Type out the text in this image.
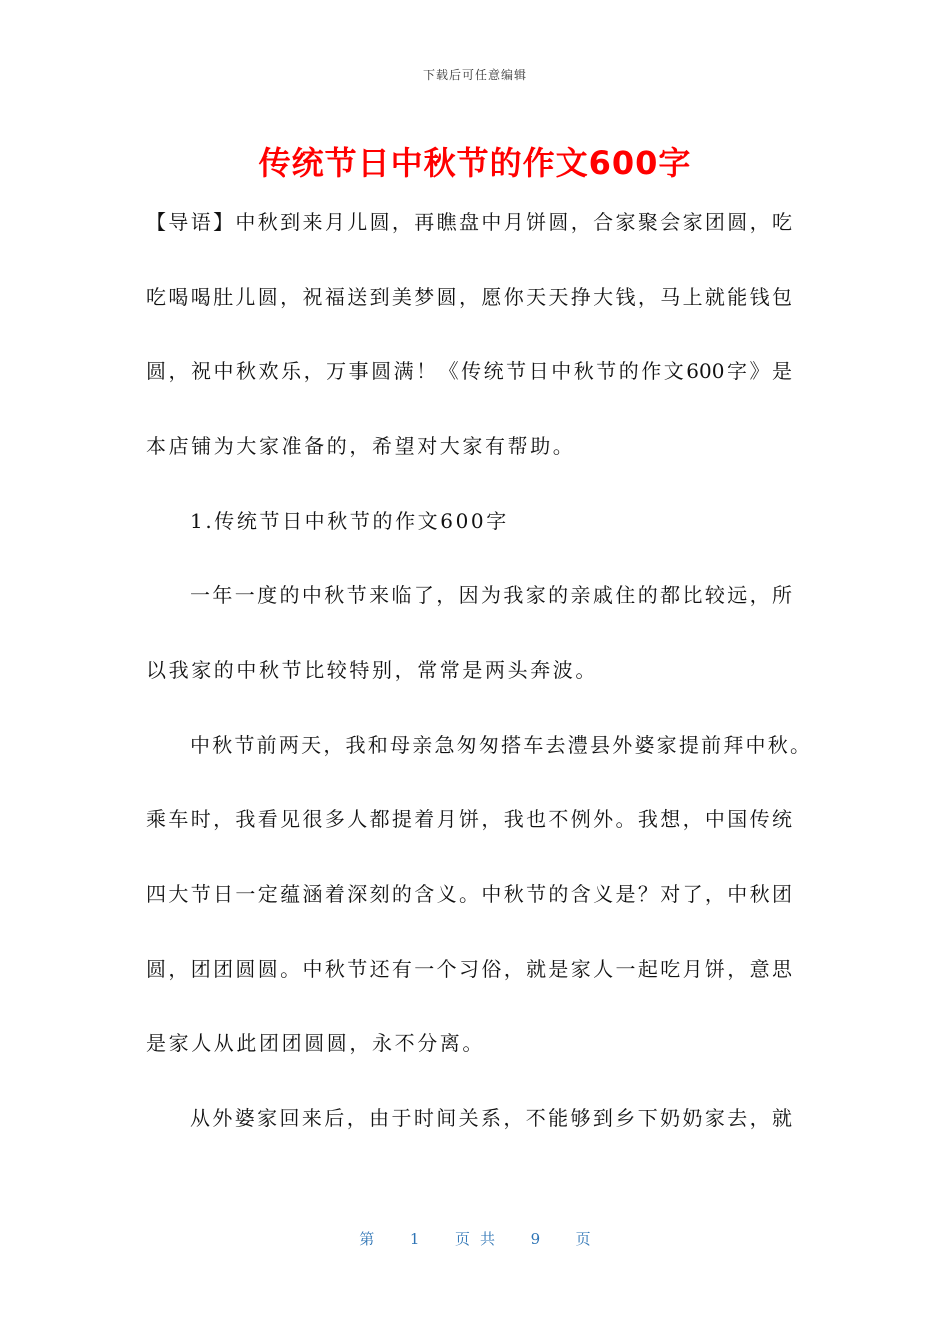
下载后可任意编辑
传统节日中秋节的作文600字
【导语】中秋到来月儿圆，再瞧盘中月饼圆，合家聚会家团圆，吃
吃喝喝肚儿圆，祝福送到美梦圆，愿你天天挣大钱，马上就能钱包
圆，祝中秋欢乐，万事圆满！《传统节日中秋节的作文600字》是
本店铺为大家准备的，希望对大家有帮助。
1.传统节日中秋节的作文600字
一年一度的中秋节来临了，因为我家的亲戚住的都比较远，所
以我家的中秋节比较特别，常常是两头奔波。
中秋节前两天，我和母亲急匆匆搭车去澧县外婆家提前拜中秋。
乘车时，我看见很多人都提着月饼，我也不例外。我想，中国传统
四大节日一定蕴涵着深刻的含义。中秋节的含义是？对了，中秋团
圆，团团圆圆。中秋节还有一个习俗，就是家人一起吃月饼，意思
是家人从此团团圆圆，永不分离。
从外婆家回来后，由于时间关系，不能够到乡下奶奶家去，就
第 1 页共 9 页
